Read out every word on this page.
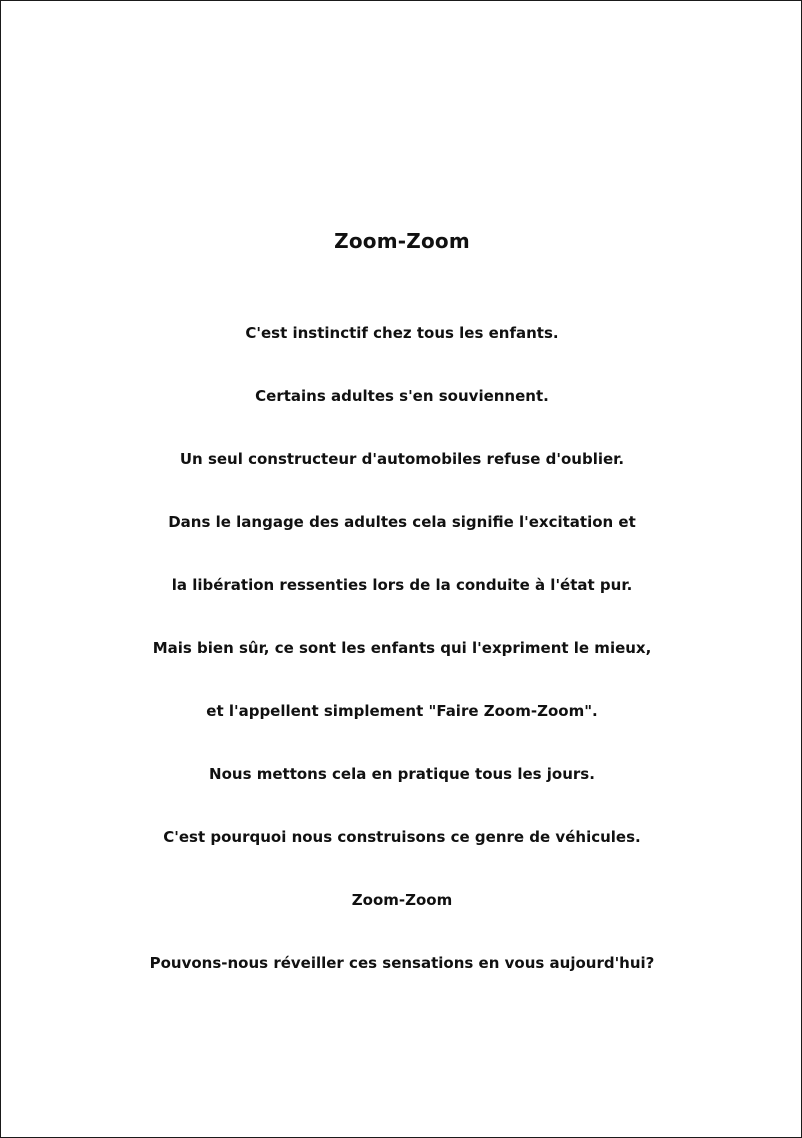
Zoom-Zoom

C'est instinctif chez tous les enfants.

Certains adultes s'en souviennent.

Un seul constructeur d'automobiles refuse d'oublier.

Dans le langage des adultes cela signifie l'excitation et

la libération ressenties lors de la conduite à l'état pur.

Mais bien sûr, ce sont les enfants qui l'expriment le mieux,

et l'appellent simplement "Faire Zoom-Zoom".

Nous mettons cela en pratique tous les jours.

C'est pourquoi nous construisons ce genre de véhicules.

Zoom-Zoom

Pouvons-nous réveiller ces sensations en vous aujourd'hui?
